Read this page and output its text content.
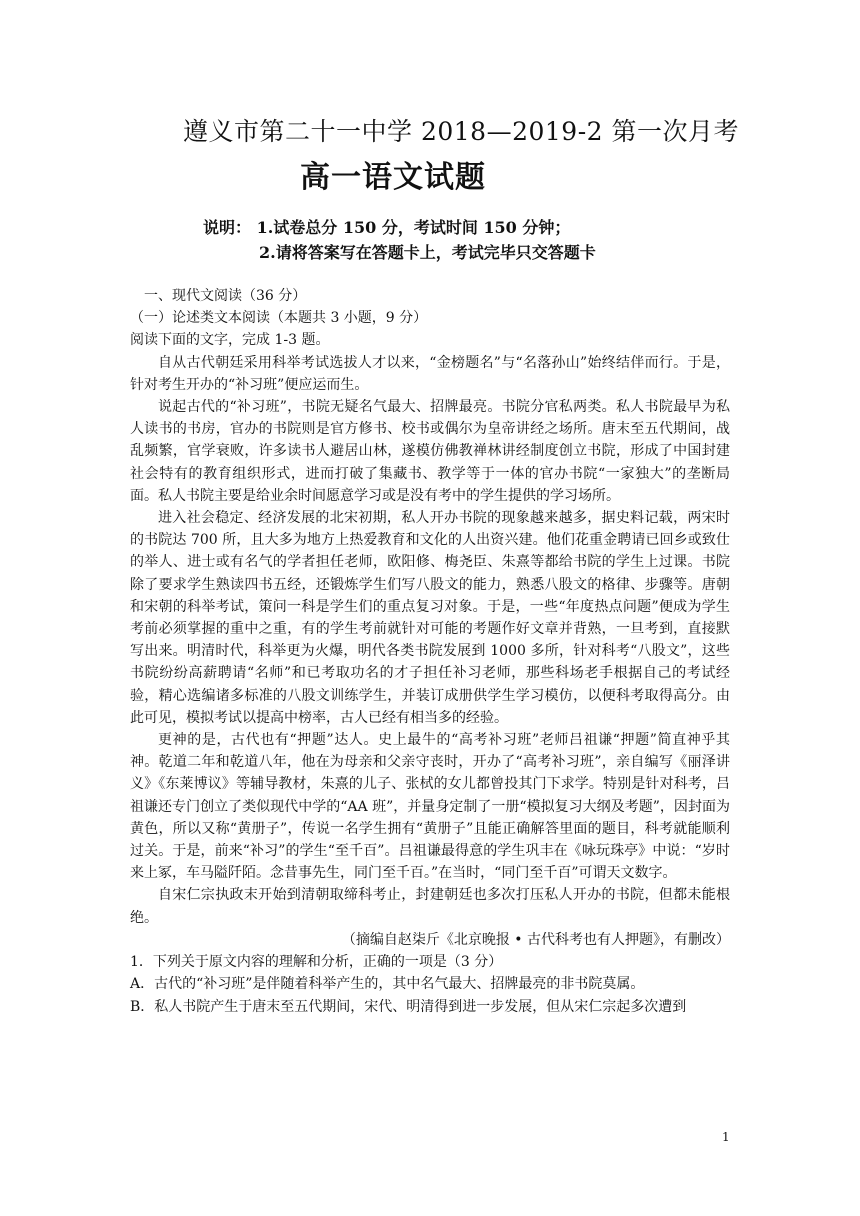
遵义市第二十一中学 2018—2019-2 第一次月考
高一语文试题
说明： 1.试卷总分 150 分，考试时间 150 分钟；
2.请将答案写在答题卡上，考试完毕只交答题卡

一、现代文阅读（36 分）

（一）论述类文本阅读（本题共 3 小题，9 分）

阅读下面的文字，完成 1-3 题。

自从古代朝廷采用科举考试选拔人才以来，“金榜题名”与“名落孙山”始终结伴而行。于是，针对考生开办的“补习班”便应运而生。

说起古代的“补习班”，书院无疑名气最大、招牌最亮。书院分官私两类。私人书院最早为私人读书的书房，官办的书院则是官方修书、校书或偶尔为皇帝讲经之场所。唐末至五代期间，战乱频繁，官学衰败，许多读书人避居山林，遂模仿佛教禅林讲经制度创立书院，形成了中国封建社会特有的教育组织形式，进而打破了集藏书、教学等于一体的官办书院“一家独大”的垄断局面。私人书院主要是给业余时间愿意学习或是没有考中的学生提供的学习场所。

进入社会稳定、经济发展的北宋初期，私人开办书院的现象越来越多，据史料记载，两宋时的书院达 700 所，且大多为地方上热爱教育和文化的人出资兴建。他们花重金聘请已回乡或致仕的举人、进士或有名气的学者担任老师，欧阳修、梅尧臣、朱熹等都给书院的学生上过课。书院除了要求学生熟读四书五经，还锻炼学生们写八股文的能力，熟悉八股文的格律、步骤等。唐朝和宋朝的科举考试，策问一科是学生们的重点复习对象。于是，一些“年度热点问题”便成为学生考前必须掌握的重中之重，有的学生考前就针对可能的考题作好文章并背熟，一旦考到，直接默写出来。明清时代，科举更为火爆，明代各类书院发展到 1000 多所，针对科考“八股文”，这些书院纷纷高薪聘请“名师”和已考取功名的才子担任补习老师，那些科场老手根据自己的考试经验，精心选编诸多标准的八股文训练学生，并装订成册供学生学习模仿，以便科考取得高分。由此可见，模拟考试以提高中榜率，古人已经有相当多的经验。

更神的是，古代也有“押题”达人。史上最牛的“高考补习班”老师吕祖谦“押题”简直神乎其神。乾道二年和乾道八年，他在为母亲和父亲守丧时，开办了“高考补习班”，亲自编写《丽泽讲义》《东莱博议》等辅导教材，朱熹的儿子、张栻的女儿都曾投其门下求学。特别是针对科考，吕祖谦还专门创立了类似现代中学的“AA 班”，并量身定制了一册“模拟复习大纲及考题”，因封面为黄色，所以又称“黄册子”，传说一名学生拥有“黄册子”且能正确解答里面的题目，科考就能顺利过关。于是，前来“补习”的学生“至千百”。吕祖谦最得意的学生巩丰在《咏玩珠亭》中说：“岁时来上冢，车马隘阡陌。念昔事先生，同门至千百。”在当时，“同门至千百”可谓天文数字。

自宋仁宗执政末开始到清朝取缔科考止，封建朝廷也多次打压私人开办的书院，但都未能根绝。

（摘编自赵柒斤《北京晚报 • 古代科考也有人押题》，有删改）

1．下列关于原文内容的理解和分析，正确的一项是（3 分）

A．古代的“补习班”是伴随着科举产生的，其中名气最大、招牌最亮的非书院莫属。

B．私人书院产生于唐末至五代期间，宋代、明清得到进一步发展，但从宋仁宗起多次遭到

1
